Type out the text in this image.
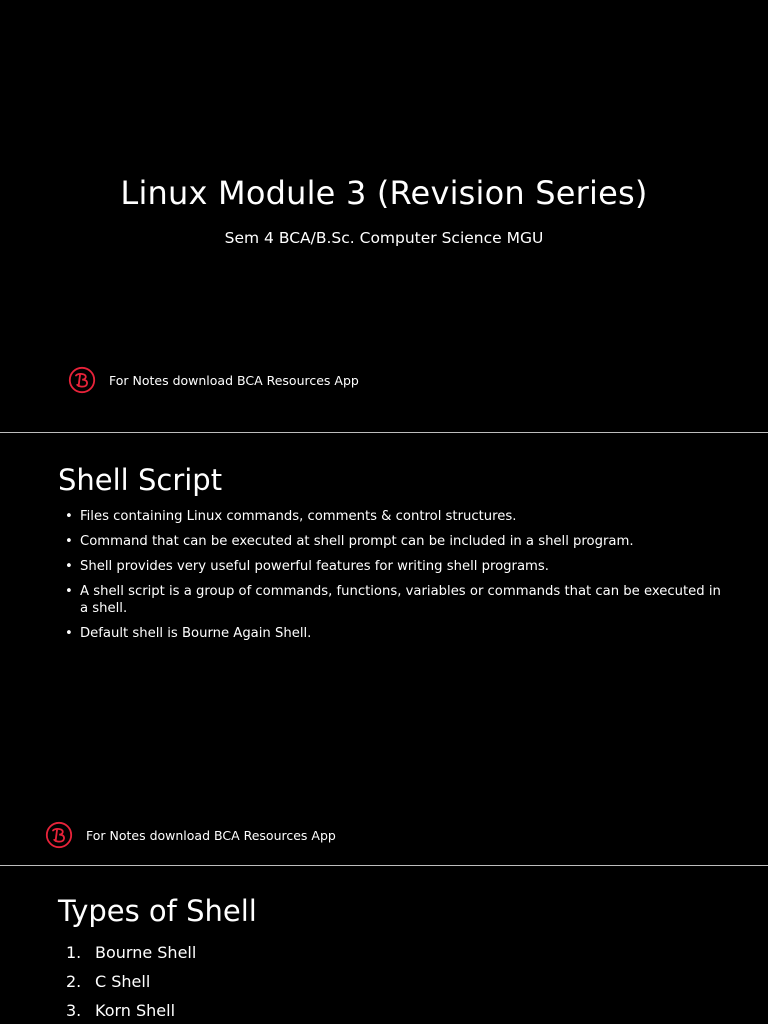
Linux Module 3 (Revision Series)

Sem 4 BCA/B.Sc. Computer Science MGU

For Notes download BCA Resources App
Shell Script
• Files containing Linux commands, comments & control structures.
• Command that can be executed at shell prompt can be included in a shell program.
• Shell provides very useful powerful features for writing shell programs.
• A shell script is a group of commands, functions, variables or commands that can be executed in a shell.
• Default shell is Bourne Again Shell.
For Notes download BCA Resources App
Types of Shell
1. Bourne Shell
2. C Shell
3. Korn Shell
